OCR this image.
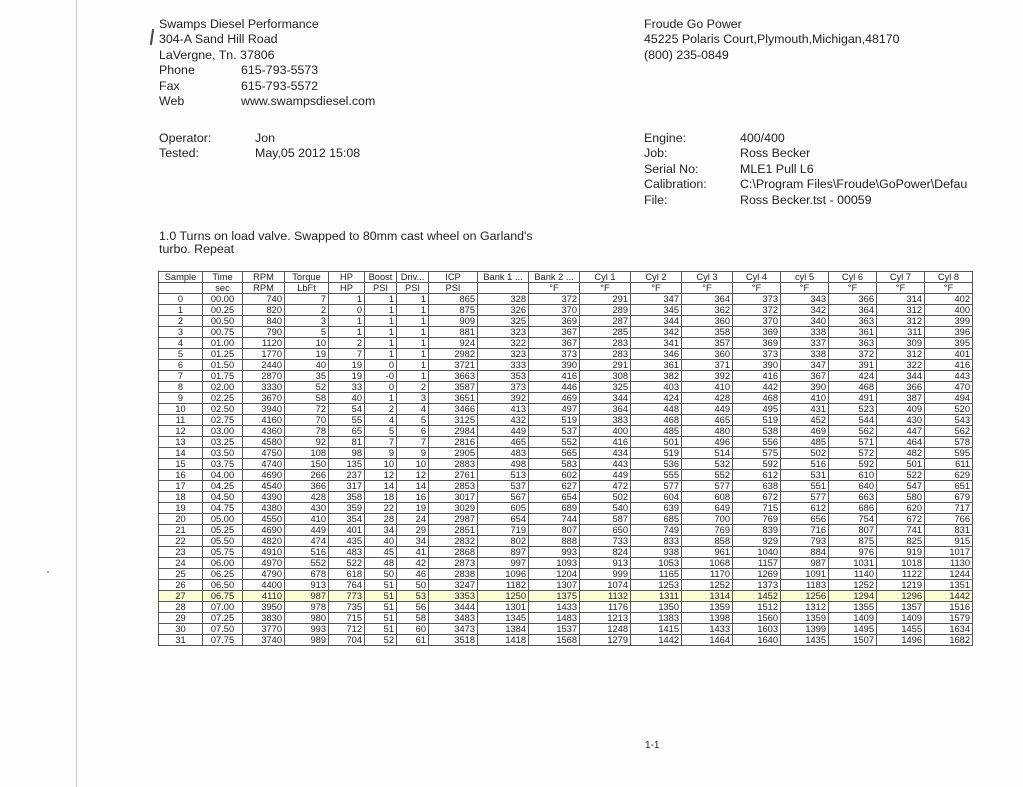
Swamps Diesel Performance
304-A Sand Hill Road
LaVergne, Tn. 37806
Phone	615-793-5573
Fax	615-793-5572
Web	www.swampsdiesel.com
Froude Go Power
45225 Polaris Court,Plymouth,Michigan,48170
(800) 235-0849
Operator:	Jon
Tested:	May,05 2012 15:08
Engine:	400/400
Job:	Ross Becker
Serial No:	MLE1 Pull L6
Calibration:	C:\Program Files\Froude\GoPower\Defau
File:	Ross Becker.tst - 00059
1.0 Turns on load valve. Swapped to 80mm cast wheel on Garland's
turbo. Repeat
Sample	Time	RPM	Torque	HP	Boost	Driv...	ICP	Bank 1 ...	Bank 2 ...	Cyl 1	Cyl 2	Cyl 3	Cyl 4	cyl 5	Cyl 6	Cyl 7	Cyl 8
	sec	RPM	LbFt	HP	PSI	PSI	PSI		°F	°F	°F	°F	°F	°F	°F	°F	°F
0	00.00	740	7	1	1	1	865	328	372	291	347	364	373	343	366	314	402
1	00.25	820	2	0	1	1	875	326	370	289	345	362	372	342	364	312	400
2	00.50	840	3	1	1	1	909	325	369	287	344	360	370	340	363	312	399
3	00.75	790	5	1	1	1	881	323	367	285	342	358	369	338	361	311	396
4	01.00	1120	10	2	1	1	924	322	367	283	341	357	369	337	363	309	395
5	01.25	1770	19	7	1	1	2982	323	373	283	346	360	373	338	372	312	401
6	01.50	2440	40	19	0	1	3721	333	390	291	361	371	390	347	391	322	416
7	01.75	2870	35	19	-0	1	3663	353	416	308	382	392	416	367	424	344	443
8	02.00	3330	52	33	0	2	3587	373	446	325	403	410	442	390	468	366	470
9	02.25	3670	58	40	1	3	3651	392	469	344	424	428	468	410	491	387	494
10	02.50	3940	72	54	2	4	3466	413	497	364	448	449	495	431	523	409	520
11	02.75	4160	70	55	4	5	3125	432	519	383	468	465	519	452	544	430	543
12	03.00	4360	78	65	5	6	2984	449	537	400	485	480	538	469	562	447	562
13	03.25	4580	92	81	7	7	2816	465	552	416	501	496	556	485	571	464	578
14	03.50	4750	108	98	9	9	2905	483	565	434	519	514	575	502	572	482	595
15	03.75	4740	150	135	10	10	2883	498	583	443	536	532	592	516	592	501	611
16	04.00	4690	266	237	12	12	2761	513	602	449	555	552	612	531	610	522	629
17	04.25	4540	366	317	14	14	2853	537	627	472	577	577	638	551	640	547	651
18	04.50	4390	428	358	18	16	3017	567	654	502	604	608	672	577	663	580	679
19	04.75	4380	430	359	22	19	3029	605	689	540	639	649	715	612	686	620	717
20	05.00	4550	410	354	28	24	2987	654	744	587	685	700	769	656	754	672	766
21	05.25	4690	449	401	34	29	2851	719	807	650	749	769	839	716	807	741	831
22	05.50	4820	474	435	40	34	2832	802	888	733	833	858	929	793	875	825	915
23	05.75	4910	516	483	45	41	2868	897	993	824	938	961	1040	884	976	919	1017
24	06.00	4970	552	522	48	42	2873	997	1093	913	1053	1068	1157	987	1031	1018	1130
25	06.25	4790	678	618	50	46	2838	1096	1204	999	1165	1170	1269	1091	1140	1122	1244
26	06.50	4400	913	764	51	50	3247	1182	1307	1074	1253	1252	1373	1183	1252	1219	1351
27	06.75	4110	987	773	51	53	3353	1250	1375	1132	1311	1314	1452	1256	1294	1296	1442
28	07.00	3950	978	735	51	56	3444	1301	1433	1176	1350	1359	1512	1312	1355	1357	1516
29	07.25	3830	980	715	51	58	3483	1345	1483	1213	1383	1398	1560	1359	1409	1409	1579
30	07.50	3770	993	712	51	60	3473	1384	1537	1248	1415	1433	1603	1399	1495	1455	1634
31	07.75	3740	989	704	52	61	3518	1418	1568	1279	1442	1464	1640	1435	1507	1496	1682
1-1
